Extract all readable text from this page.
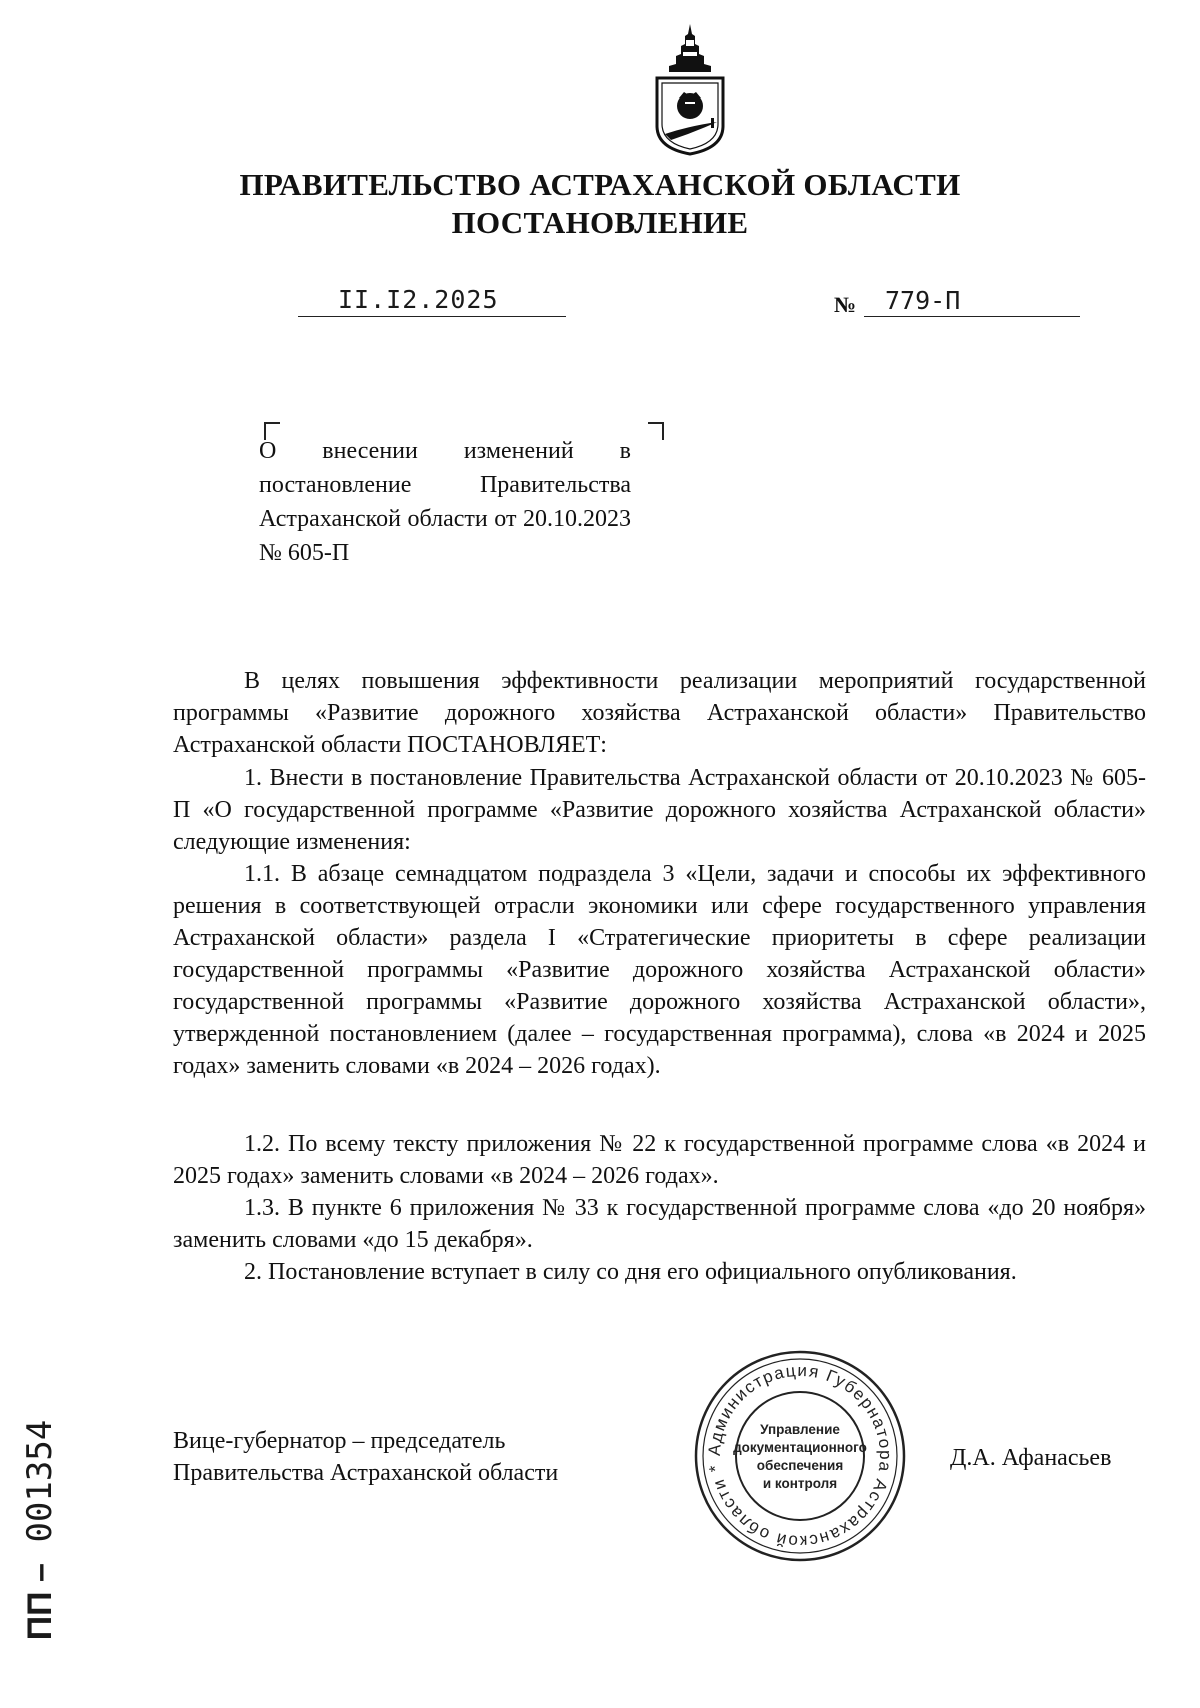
ПРАВИТЕЛЬСТВО АСТРАХАНСКОЙ ОБЛАСТИ
ПОСТАНОВЛЕНИЕ
II.I2.2025	№ 779-П
О внесении изменений в постановление Правительства Астраханской области от 20.10.2023 № 605-П
В целях повышения эффективности реализации мероприятий государственной программы «Развитие дорожного хозяйства Астраханской области» Правительство Астраханской области ПОСТАНОВЛЯЕТ:
1. Внести в постановление Правительства Астраханской области от 20.10.2023 № 605-П «О государственной программе «Развитие дорожного хозяйства Астраханской области» следующие изменения:
1.1. В абзаце семнадцатом подраздела 3 «Цели, задачи и способы их эффективного решения в соответствующей отрасли экономики или сфере государственного управления Астраханской области» раздела I «Стратегические приоритеты в сфере реализации государственной программы «Развитие дорожного хозяйства Астраханской области» государственной программы «Развитие дорожного хозяйства Астраханской области», утвержденной постановлением (далее – государственная программа), слова «в 2024 и 2025 годах» заменить словами «в 2024 – 2026 годах).
1.2. По всему тексту приложения № 22 к государственной программе слова «в 2024 и 2025 годах» заменить словами «в 2024 – 2026 годах».
1.3. В пункте 6 приложения № 33 к государственной программе слова «до 20 ноября» заменить словами «до 15 декабря».
2. Постановление вступает в силу со дня его официального опубликования.
Вице-губернатор – председатель
Правительства Астраханской области
Д.А. Афанасьев
Администрация Губернатора Астраханской области *
Управление
документационного
обеспечения
и контроля
ПП – 001354
